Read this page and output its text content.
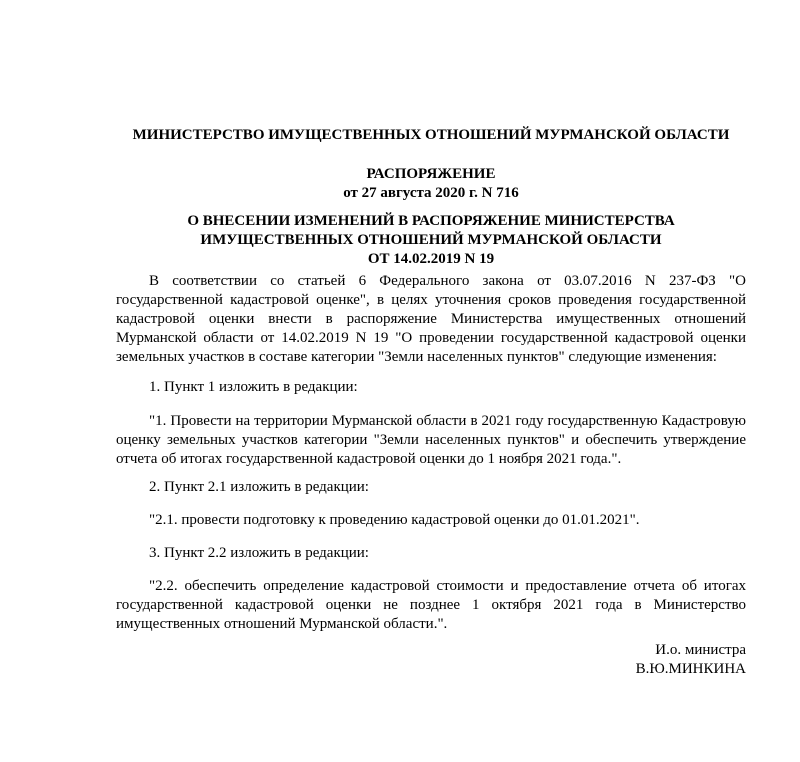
МИНИСТЕРСТВО ИМУЩЕСТВЕННЫХ ОТНОШЕНИЙ МУРМАНСКОЙ ОБЛАСТИ
РАСПОРЯЖЕНИЕ
от 27 августа 2020 г. N 716
О ВНЕСЕНИИ ИЗМЕНЕНИЙ В РАСПОРЯЖЕНИЕ МИНИСТЕРСТВА
ИМУЩЕСТВЕННЫХ ОТНОШЕНИЙ МУРМАНСКОЙ ОБЛАСТИ
ОТ 14.02.2019 N 19
В соответствии со статьей 6 Федерального закона от 03.07.2016 N 237-ФЗ "О
государственной кадастровой оценке", в целях уточнения сроков проведения государственной
кадастровой оценки внести в распоряжение Министерства имущественных отношений
Мурманской области от 14.02.2019 N 19 "О проведении государственной кадастровой оценки
земельных участков в составе категории "Земли населенных пунктов" следующие изменения:
1. Пункт 1 изложить в редакции:
"1. Провести на территории Мурманской области в 2021 году государственную Кадастровую
оценку земельных участков категории "Земли населенных пунктов" и обеспечить утверждение
отчета об итогах государственной кадастровой оценки до 1 ноября 2021 года.".
2. Пункт 2.1 изложить в редакции:
"2.1. провести подготовку к проведению кадастровой оценки до 01.01.2021".
3. Пункт 2.2 изложить в редакции:
"2.2. обеспечить определение кадастровой стоимости и предоставление отчета об итогах
государственной кадастровой оценки не позднее 1 октября 2021 года в Министерство
имущественных отношений Мурманской области.".
И.о. министра
В.Ю.МИНКИНА
